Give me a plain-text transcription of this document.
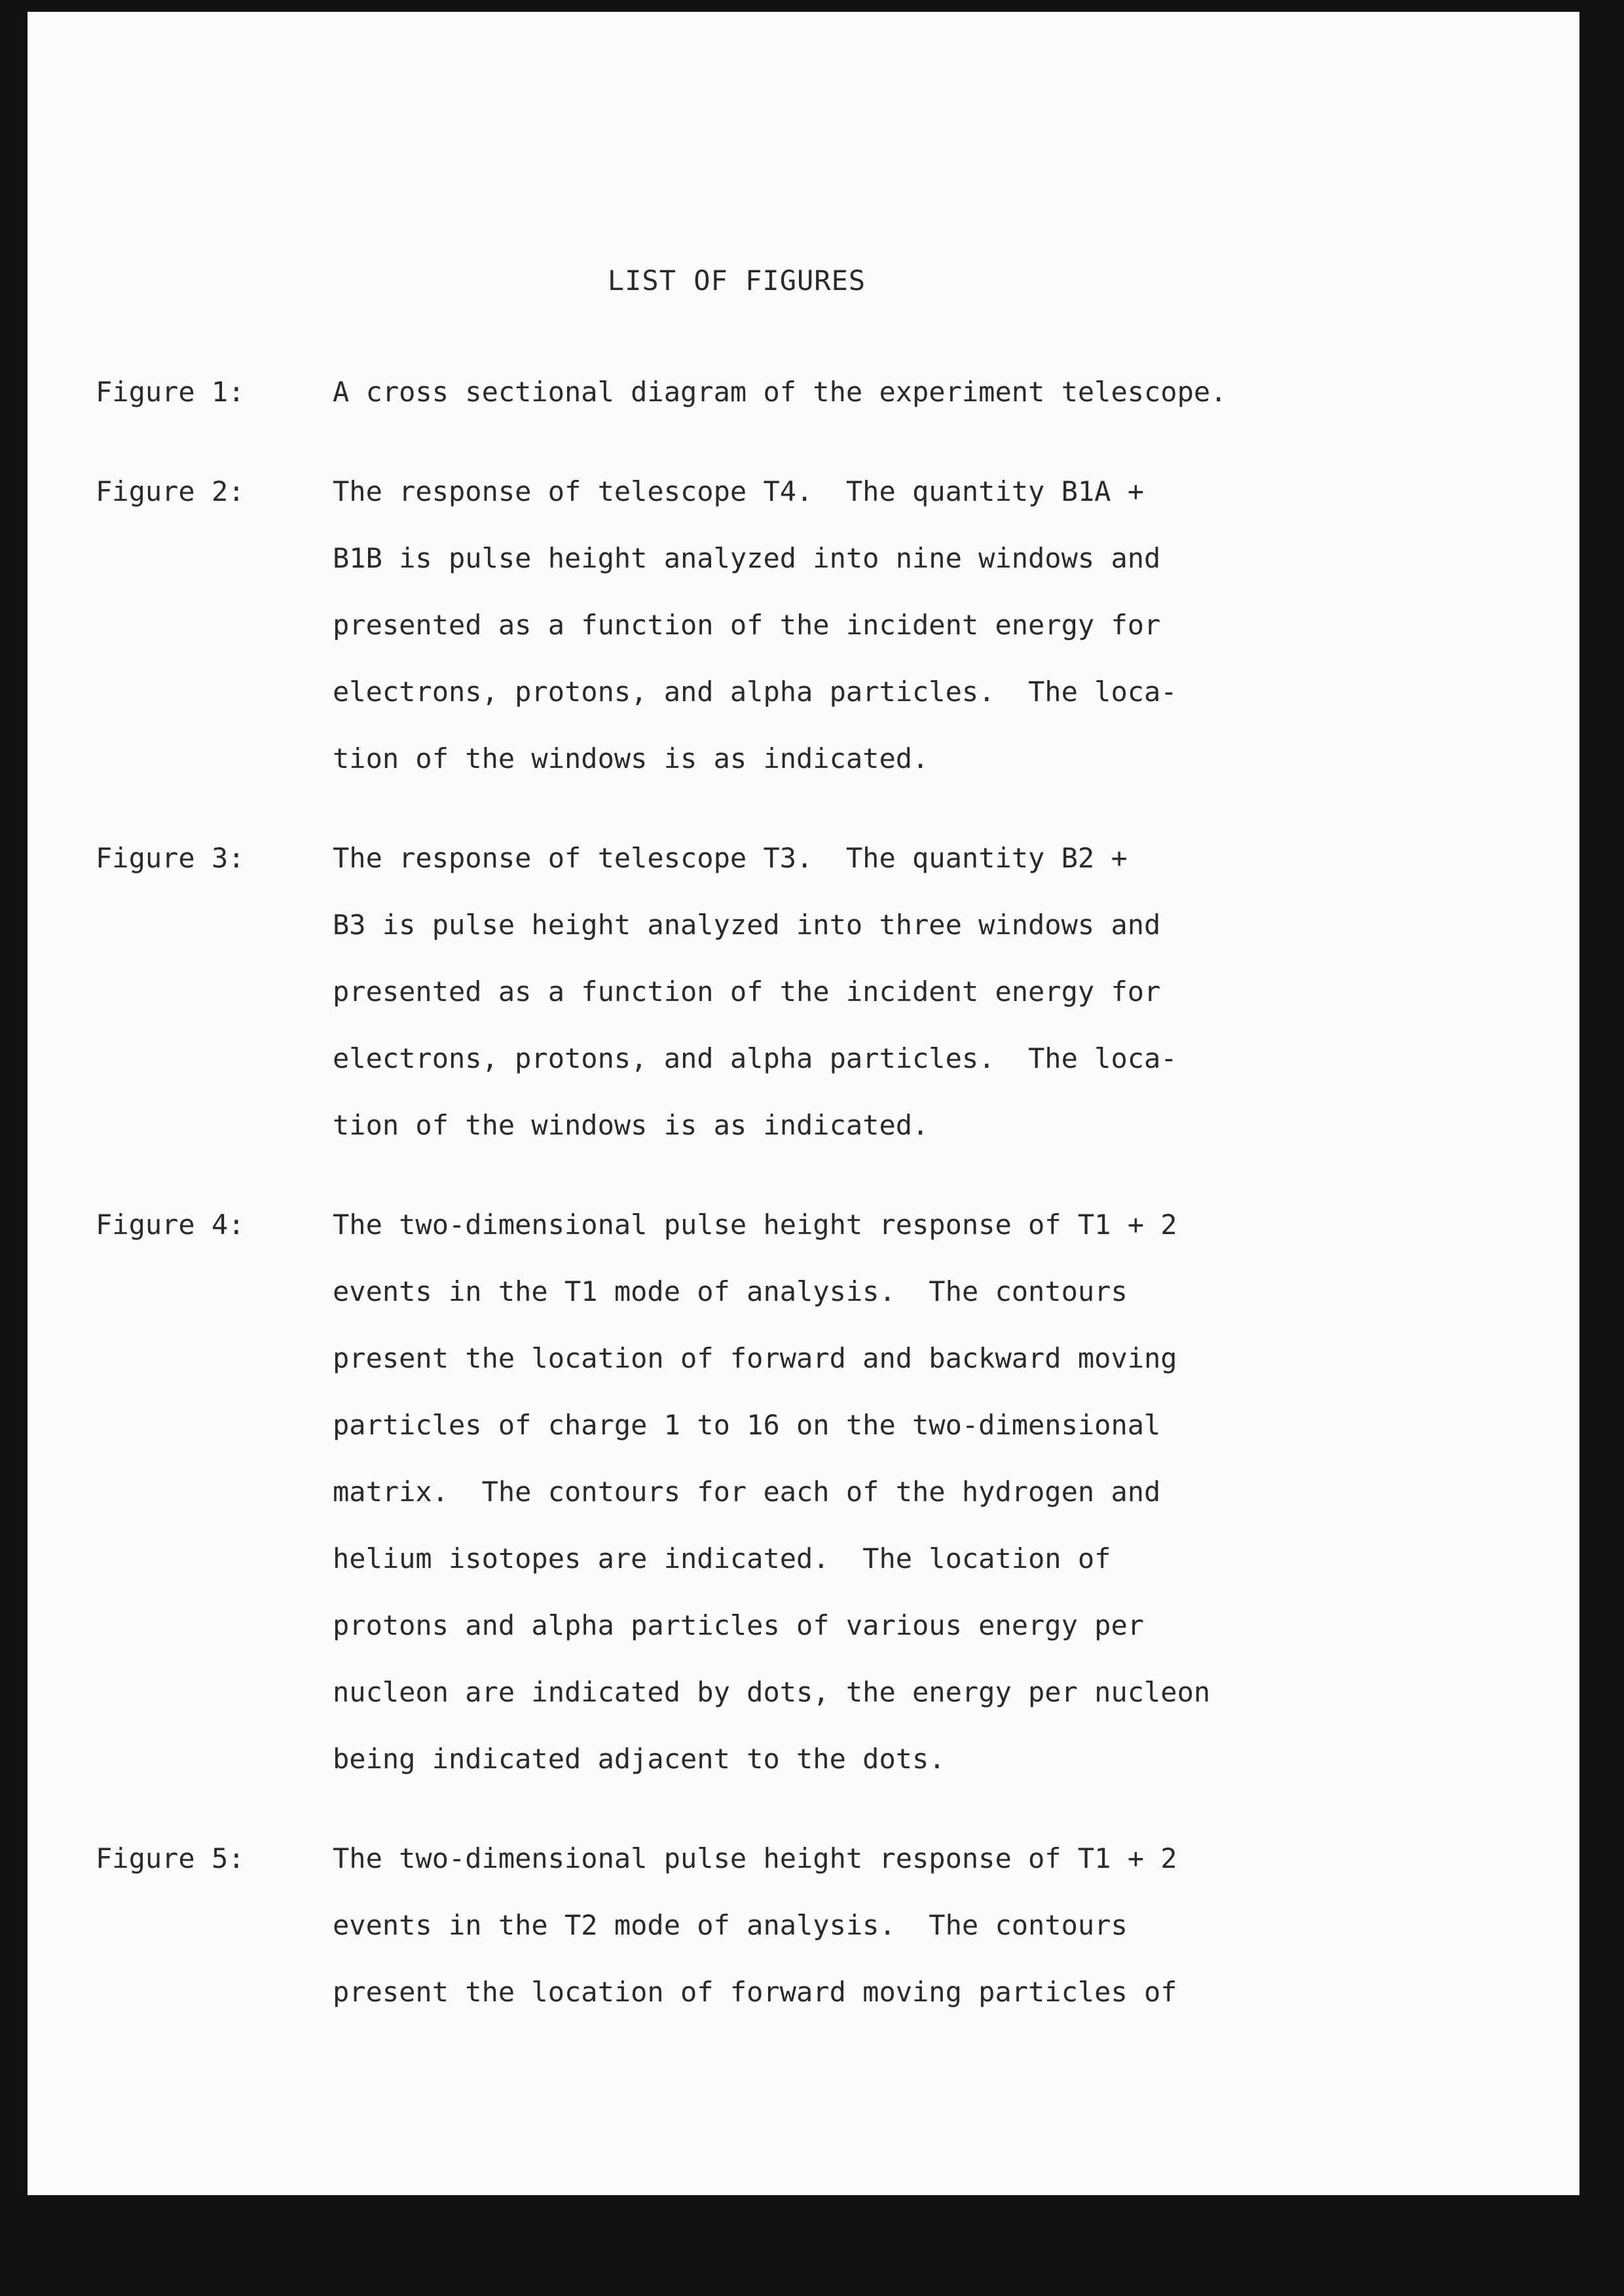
LIST OF FIGURES
Figure 1:	A cross sectional diagram of the experiment telescope.
Figure 2:	The response of telescope T4.  The quantity B1A +
B1B is pulse height analyzed into nine windows and
presented as a function of the incident energy for
electrons, protons, and alpha particles.  The loca-
tion of the windows is as indicated.
Figure 3:	The response of telescope T3.  The quantity B2 +
B3 is pulse height analyzed into three windows and
presented as a function of the incident energy for
electrons, protons, and alpha particles.  The loca-
tion of the windows is as indicated.
Figure 4:	The two-dimensional pulse height response of T1 + 2
events in the T1 mode of analysis.  The contours
present the location of forward and backward moving
particles of charge 1 to 16 on the two-dimensional
matrix.  The contours for each of the hydrogen and
helium isotopes are indicated.  The location of
protons and alpha particles of various energy per
nucleon are indicated by dots, the energy per nucleon
being indicated adjacent to the dots.
Figure 5:	The two-dimensional pulse height response of T1 + 2
events in the T2 mode of analysis.  The contours
present the location of forward moving particles of
